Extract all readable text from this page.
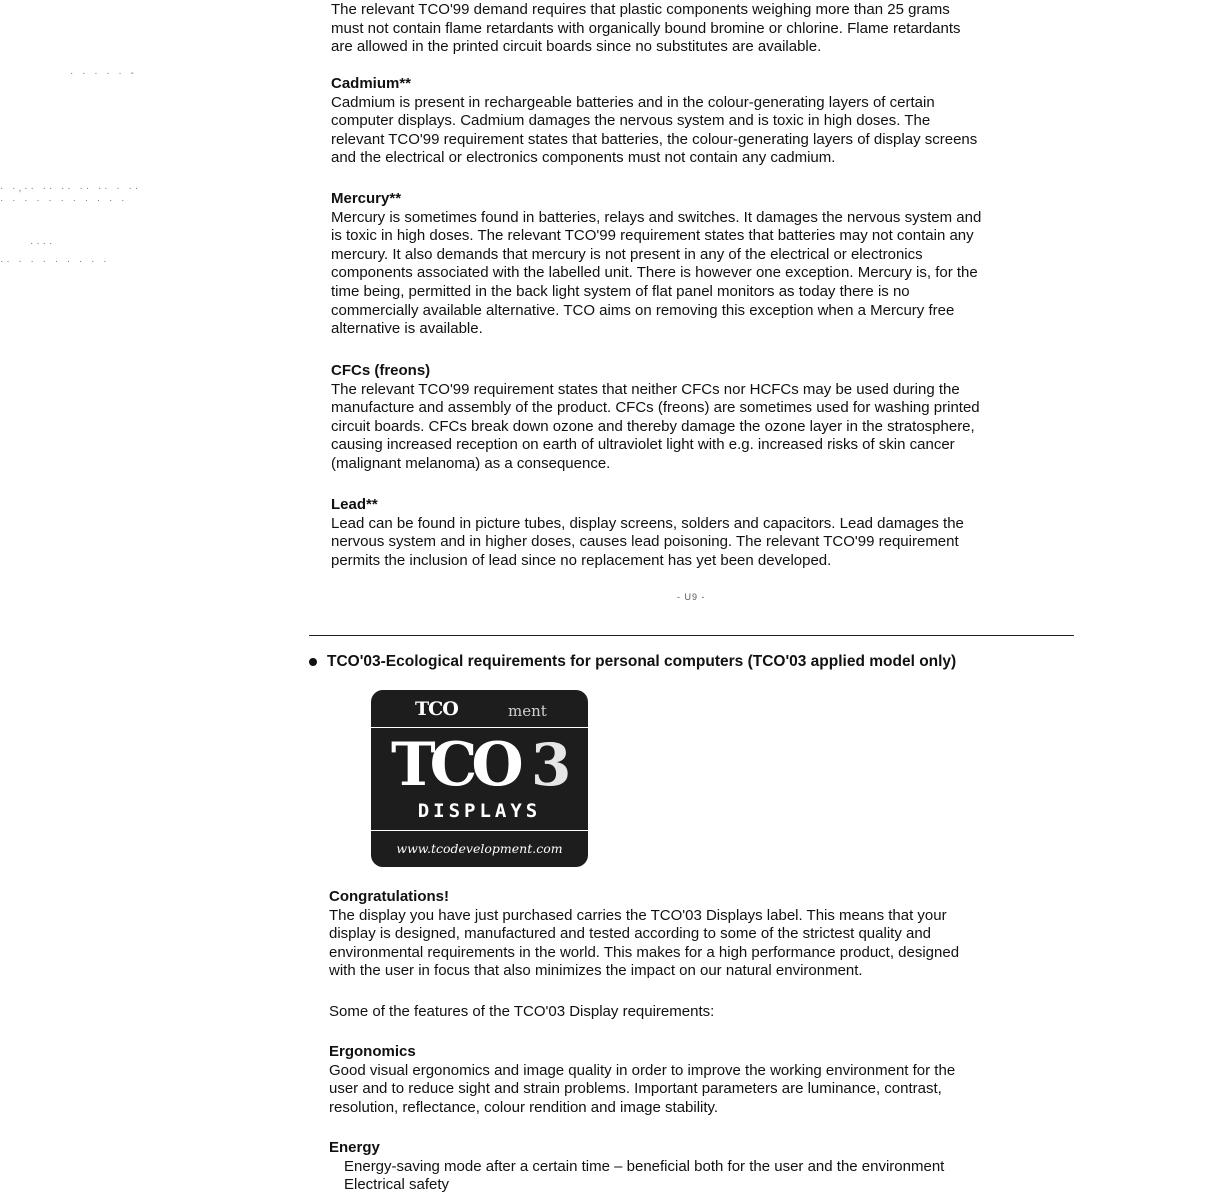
· · · · · -
· ·,·· ·· ·· ·· ·· · ··
· · · · · · · · · · ·
····
·· · · · · · · · ·

The relevant TCO'99 demand requires that plastic components weighing more than 25 grams
must not contain flame retardants with organically bound bromine or chlorine. Flame retardants
are allowed in the printed circuit boards since no substitutes are available.

Cadmium**

Cadmium is present in rechargeable batteries and in the colour-generating layers of certain
computer displays. Cadmium damages the nervous system and is toxic in high doses. The
relevant TCO'99 requirement states that batteries, the colour-generating layers of display screens
and the electrical or electronics components must not contain any cadmium.

Mercury**

Mercury is sometimes found in batteries, relays and switches. It damages the nervous system and
is toxic in high doses. The relevant TCO'99 requirement states that batteries may not contain any
mercury. It also demands that mercury is not present in any of the electrical or electronics
components associated with the labelled unit. There is however one exception. Mercury is, for the
time being, permitted in the back light system of flat panel monitors as today there is no
commercially available alternative. TCO aims on removing this exception when a Mercury free
alternative is available.

CFCs (freons)

The relevant TCO'99 requirement states that neither CFCs nor HCFCs may be used during the
manufacture and assembly of the product. CFCs (freons) are sometimes used for washing printed
circuit boards. CFCs break down ozone and thereby damage the ozone layer in the stratosphere,
causing increased reception on earth of ultraviolet light with e.g. increased risks of skin cancer
(malignant melanoma) as a consequence.

Lead**

Lead can be found in picture tubes, display screens, solders and capacitors. Lead damages the
nervous system and in higher doses, causes lead poisoning. The relevant TCO'99 requirement
permits the inclusion of lead since no replacement has yet been developed.

- U9 -
TCO'03-Ecological requirements for personal computers (TCO'03 applied model only)
TCO	ment
TCO 3
DISPLAYS
www.tcodevelopment.com

Congratulations!

The display you have just purchased carries the TCO'03 Displays label. This means that your
display is designed, manufactured and tested according to some of the strictest quality and
environmental requirements in the world. This makes for a high performance product, designed
with the user in focus that also minimizes the impact on our natural environment.

Some of the features of the TCO'03 Display requirements:

Ergonomics

Good visual ergonomics and image quality in order to improve the working environment for the
user and to reduce sight and strain problems. Important parameters are luminance, contrast,
resolution, reflectance, colour rendition and image stability.

Energy

Energy-saving mode after a certain time – beneficial both for the user and the environment

Electrical safety
